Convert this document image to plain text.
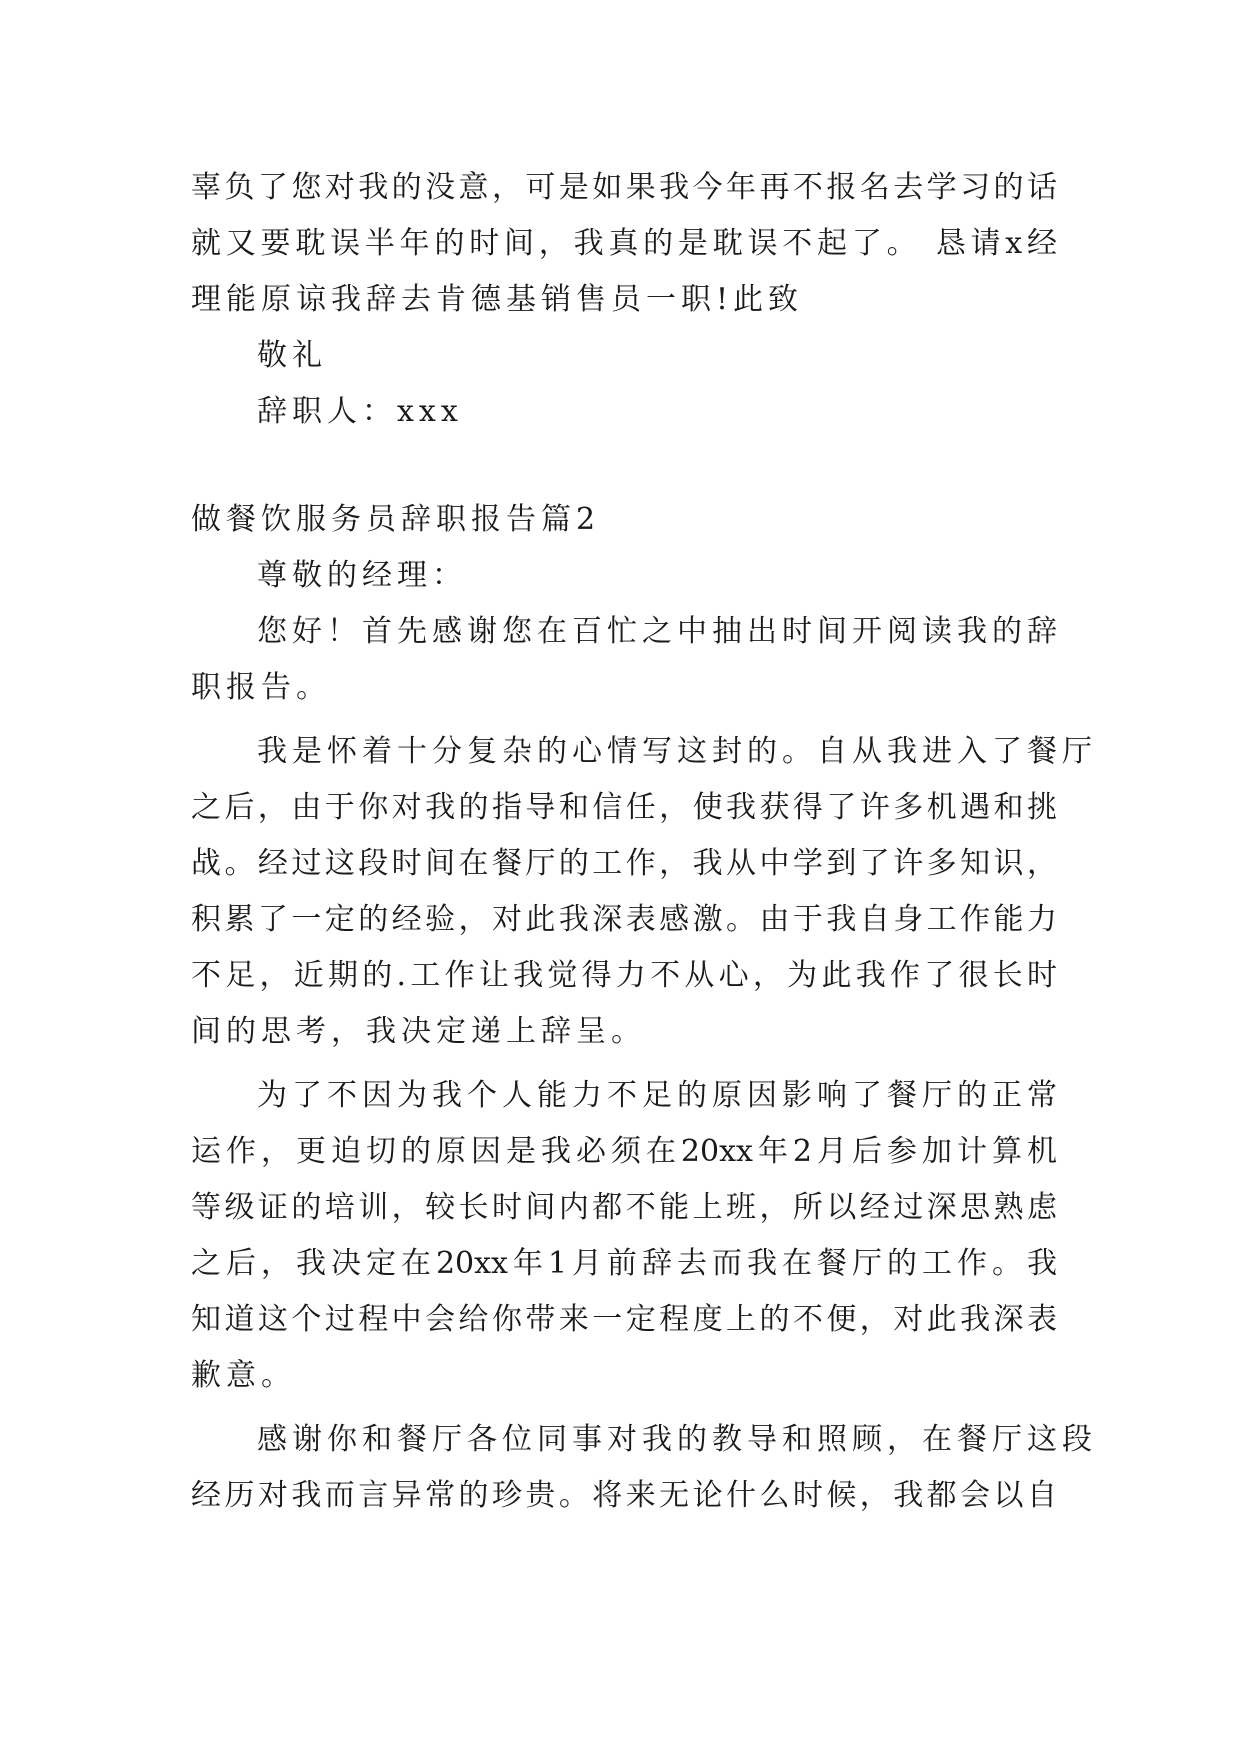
辜负了您对我的没意，可是如果我今年再不报名去学习的话
就又要耽误半年的时间，我真的是耽误不起了。 恳请x经
理能原谅我辞去肯德基销售员一职!此致
敬礼
辞职人：xxx
做餐饮服务员辞职报告篇2
尊敬的经理：
您好！首先感谢您在百忙之中抽出时间开阅读我的辞
职报告。
我是怀着十分复杂的心情写这封的。自从我进入了餐厅
之后，由于你对我的指导和信任，使我获得了许多机遇和挑
战。经过这段时间在餐厅的工作，我从中学到了许多知识，
积累了一定的经验，对此我深表感激。由于我自身工作能力
不足，近期的.工作让我觉得力不从心，为此我作了很长时
间的思考，我决定递上辞呈。
为了不因为我个人能力不足的原因影响了餐厅的正常
运作，更迫切的原因是我必须在20xx年2月后参加计算机
等级证的培训，较长时间内都不能上班，所以经过深思熟虑
之后，我决定在20xx年1月前辞去而我在餐厅的工作。我
知道这个过程中会给你带来一定程度上的不便，对此我深表
歉意。
感谢你和餐厅各位同事对我的教导和照顾，在餐厅这段
经历对我而言异常的珍贵。将来无论什么时候，我都会以自
